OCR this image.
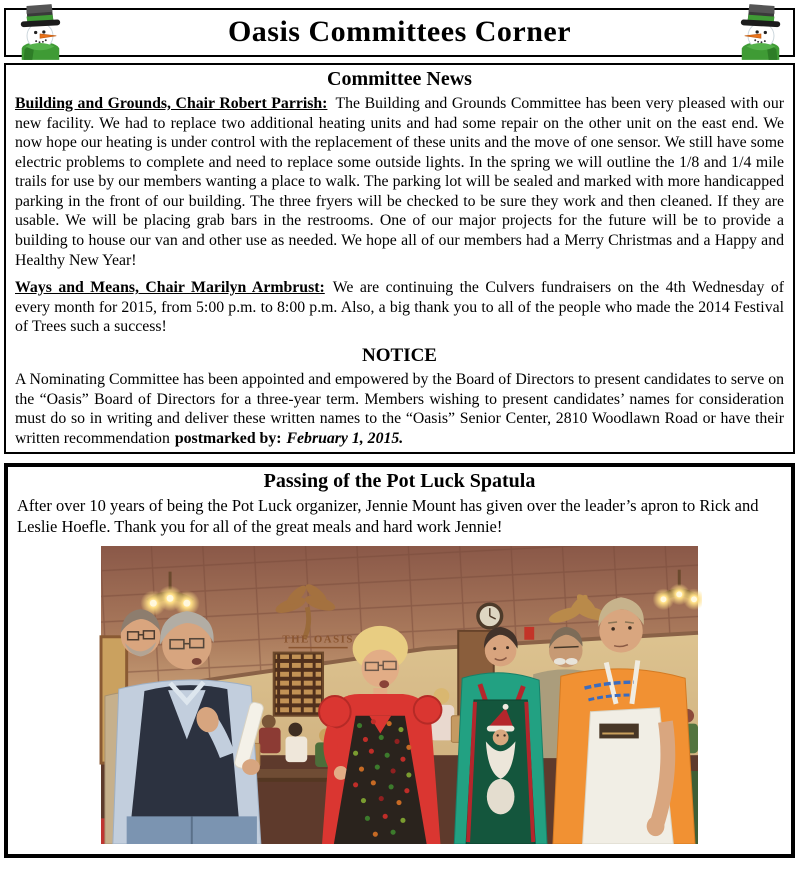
Oasis Committees Corner
Committee News

Building and Grounds, Chair Robert Parrish: The Building and Grounds Committee has been very pleased with our new facility. We had to replace two additional heating units and had some repair on the other unit on the east end. We now hope our heating is under control with the replacement of these units and the move of one sensor. We still have some electric problems to complete and need to replace some outside lights. In the spring we will outline the 1/8 and 1/4 mile trails for use by our members wanting a place to walk. The parking lot will be sealed and marked with more handicapped parking in the front of our building. The three fryers will be checked to be sure they work and then cleaned. If they are usable. We will be placing grab bars in the restrooms. One of our major projects for the future will be to provide a building to house our van and other use as needed. We hope all of our members had a Merry Christmas and a Happy and Healthy New Year!

Ways and Means, Chair Marilyn Armbrust: We are continuing the Culvers fundraisers on the 4th Wednesday of every month for 2015, from 5:00 p.m. to 8:00 p.m. Also, a big thank you to all of the people who made the 2014 Festival of Trees such a success!

NOTICE

A Nominating Committee has been appointed and empowered by the Board of Directors to present candidates to serve on the “Oasis” Board of Directors for a three-year term. Members wishing to present candidates’ names for consideration must do so in writing and deliver these written names to the “Oasis” Senior Center, 2810 Woodlawn Road or have their written recommendation postmarked by: February 1, 2015.

Passing of the Pot Luck Spatula

After over 10 years of being the Pot Luck organizer, Jennie Mount has given over the leader’s apron to Rick and Leslie Hoefle. Thank you for all of the great meals and hard work Jennie!

THE OASIS
